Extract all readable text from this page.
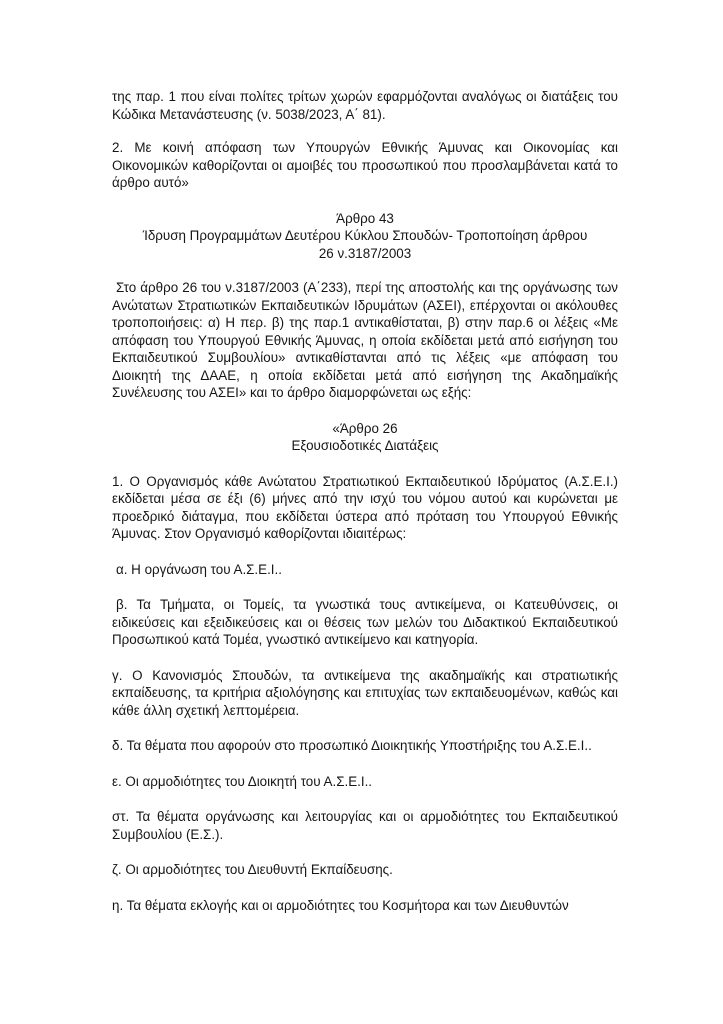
της παρ. 1 που είναι πολίτες τρίτων χωρών εφαρμόζονται αναλόγως οι διατάξεις του Κώδικα Μετανάστευσης (ν. 5038/2023, Α΄ 81).

2. Με κοινή απόφαση των Υπουργών Εθνικής Άμυνας και Οικονομίας και Οικονομικών καθορίζονται οι αμοιβές του προσωπικού που προσλαμβάνεται κατά το άρθρο αυτό»

Άρθρο 43

Ίδρυση Προγραμμάτων Δευτέρου Κύκλου Σπουδών- Τροποποίηση άρθρου

26 ν.3187/2003

Στο άρθρο 26 του ν.3187/2003 (Α΄233), περί της αποστολής και της οργάνωσης των Ανώτατων Στρατιωτικών Εκπαιδευτικών Ιδρυμάτων (ΑΣΕΙ), επέρχονται οι ακόλουθες τροποποιήσεις: α) Η περ. β) της παρ.1 αντικαθίσταται, β) στην παρ.6 οι λέξεις «Με απόφαση του Υπουργού Εθνικής Άμυνας, η οποία εκδίδεται μετά από εισήγηση του Εκπαιδευτικού Συμβουλίου» αντικαθίστανται από τις λέξεις «με απόφαση του Διοικητή της ΔΑΑΕ, η οποία εκδίδεται μετά από εισήγηση της Ακαδημαϊκής Συνέλευσης του ΑΣΕΙ» και το άρθρο διαμορφώνεται ως εξής:

«Άρθρο 26

Εξουσιοδοτικές Διατάξεις

1. Ο Οργανισμός κάθε Ανώτατου Στρατιωτικού Εκπαιδευτικού Ιδρύματος (Α.Σ.Ε.Ι.) εκδίδεται μέσα σε έξι (6) μήνες από την ισχύ του νόμου αυτού και κυρώνεται με προεδρικό διάταγμα, που εκδίδεται ύστερα από πρόταση του Υπουργού Εθνικής Άμυνας. Στον Οργανισμό καθορίζονται ιδιαιτέρως:

α. Η οργάνωση του Α.Σ.Ε.Ι..

β. Τα Τμήματα, οι Τομείς, τα γνωστικά τους αντικείμενα, οι Κατευθύνσεις, οι ειδικεύσεις και εξειδικεύσεις και οι θέσεις των μελών του Διδακτικού Εκπαιδευτικού Προσωπικού κατά Τομέα, γνωστικό αντικείμενο και κατηγορία.

γ. Ο Κανονισμός Σπουδών, τα αντικείμενα της ακαδημαϊκής και στρατιωτικής εκπαίδευσης, τα κριτήρια αξιολόγησης και επιτυχίας των εκπαιδευομένων, καθώς και κάθε άλλη σχετική λεπτομέρεια.

δ. Τα θέματα που αφορούν στο προσωπικό Διοικητικής Υποστήριξης του Α.Σ.Ε.Ι..

ε. Οι αρμοδιότητες του Διοικητή του Α.Σ.Ε.Ι..

στ. Τα θέματα οργάνωσης και λειτουργίας και οι αρμοδιότητες του Εκπαιδευτικού Συμβουλίου (Ε.Σ.).

ζ. Οι αρμοδιότητες του Διευθυντή Εκπαίδευσης.

η. Τα θέματα εκλογής και οι αρμοδιότητες του Κοσμήτορα και των Διευθυντών
